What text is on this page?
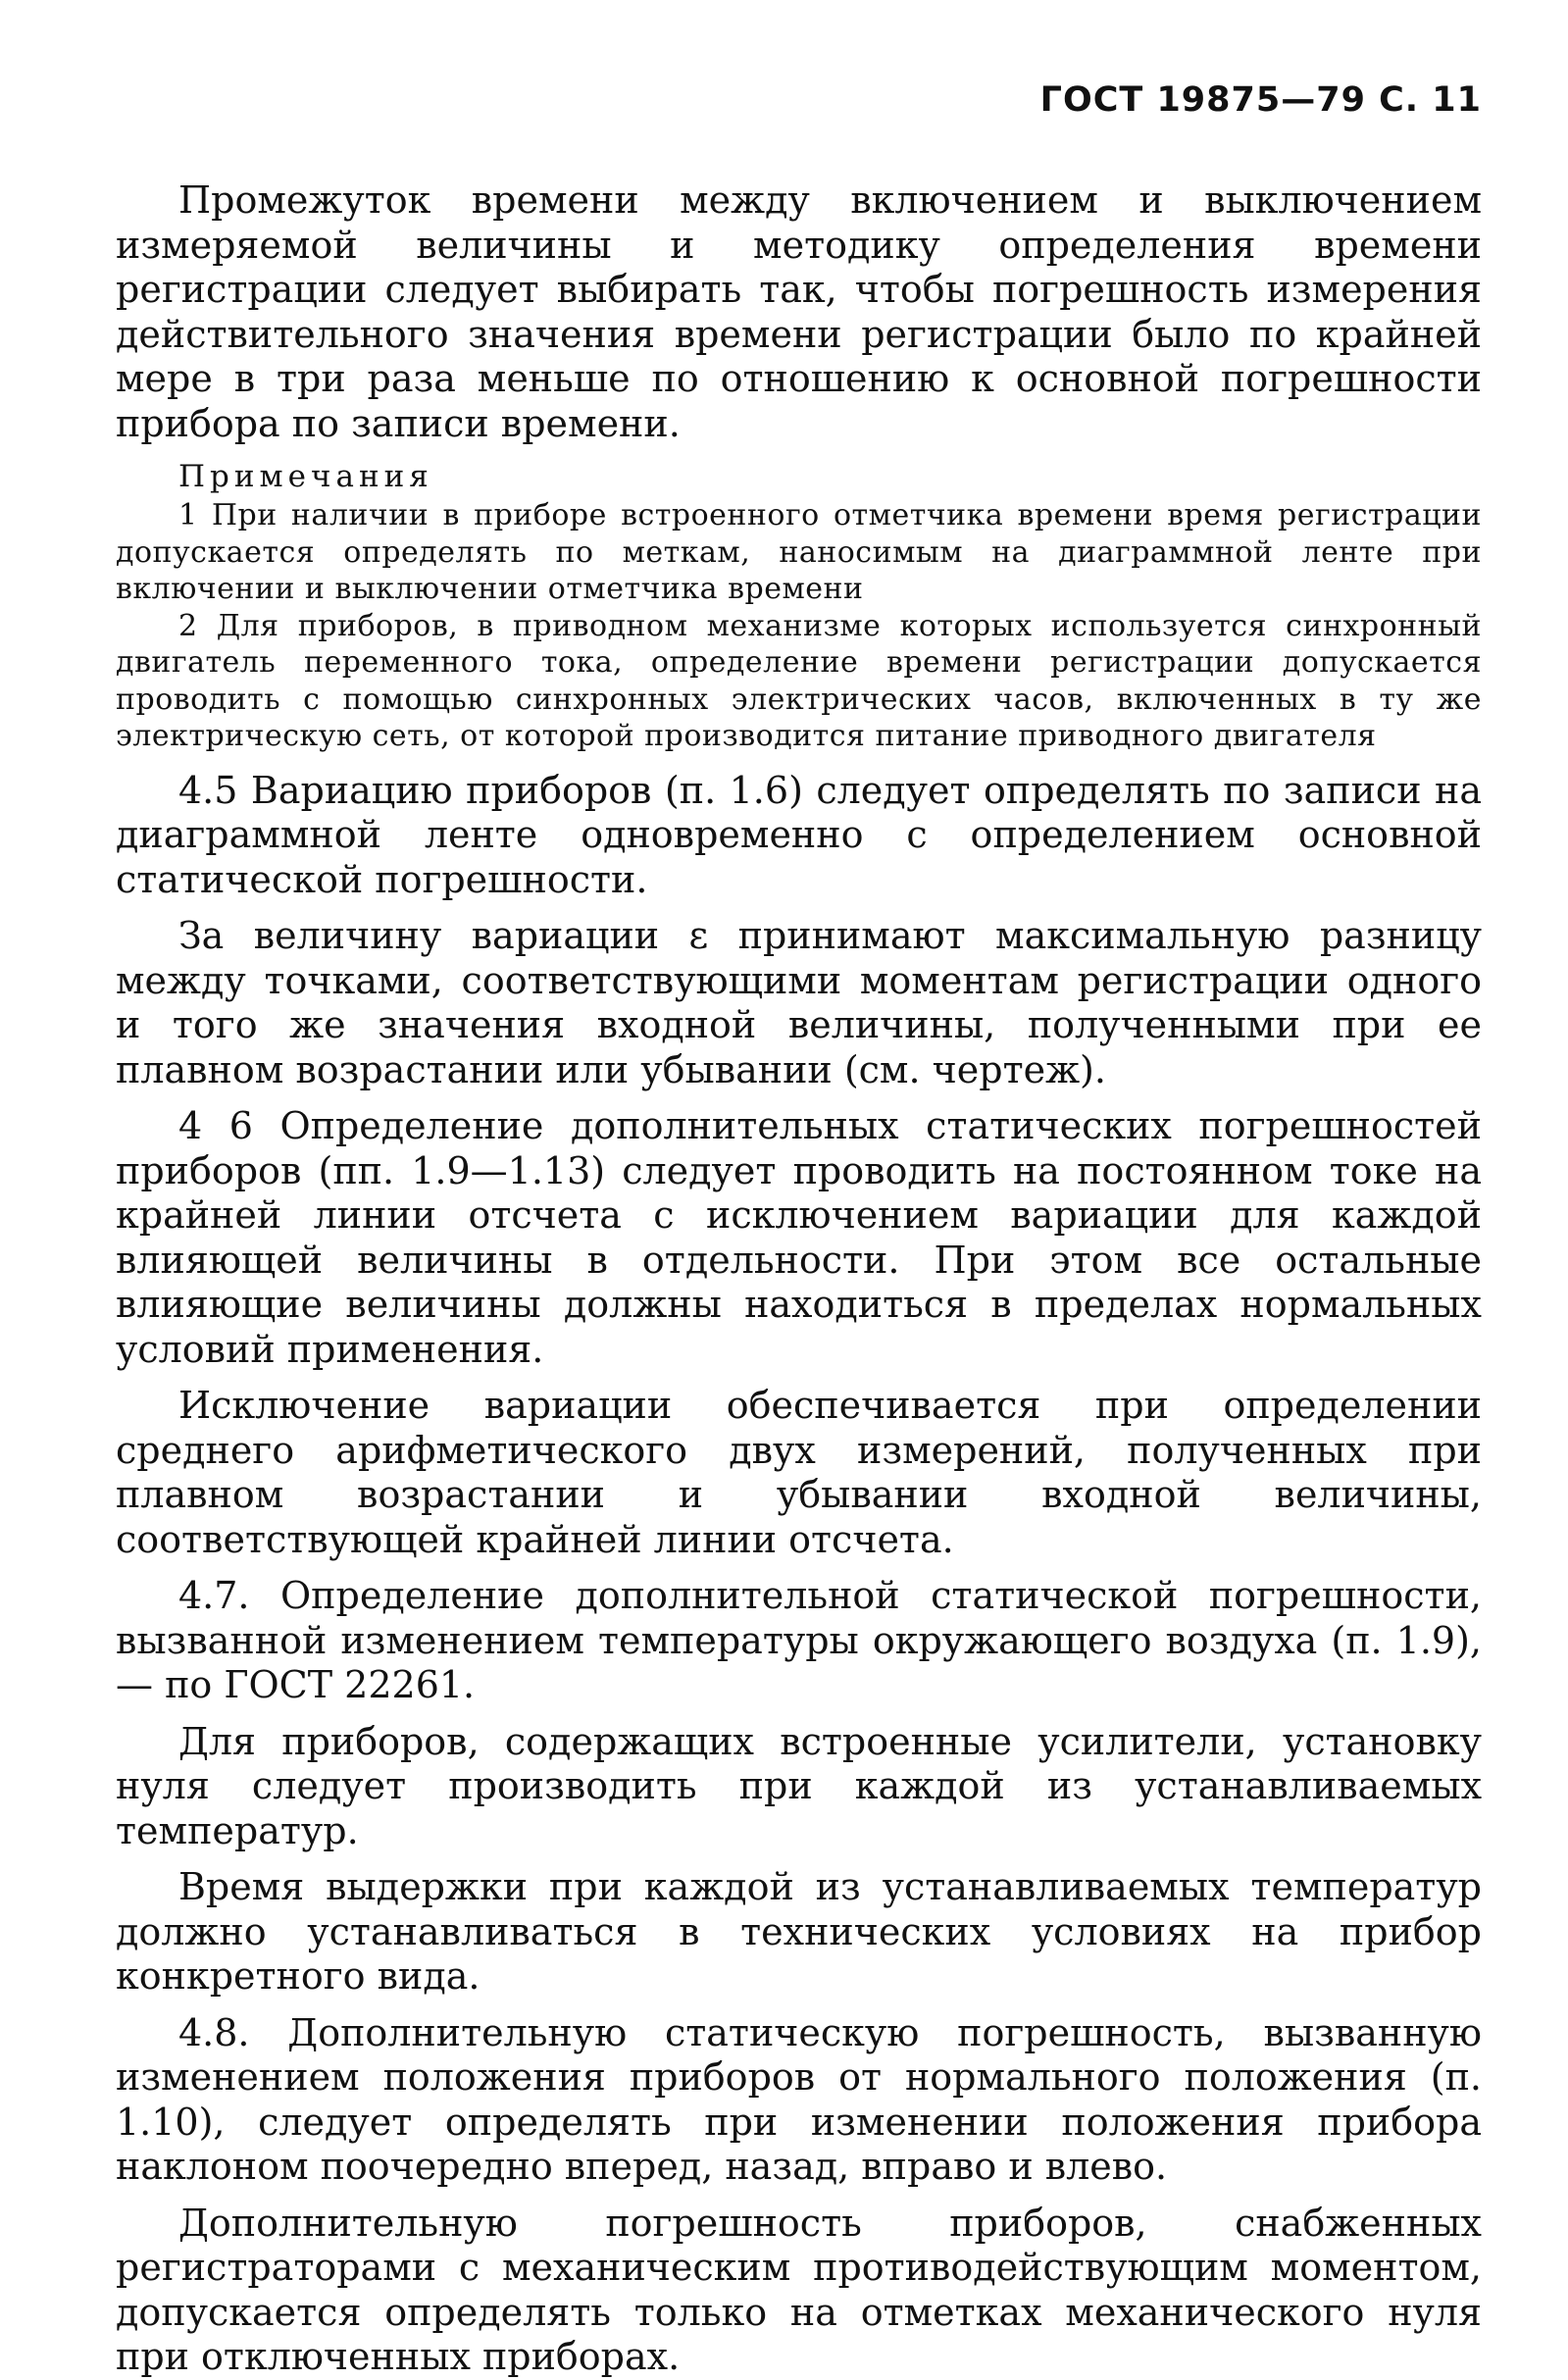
ГОСТ 19875—79 С. 11

Промежуток времени между включением и выключением измеряемой величины и методику определения времени регистрации следует выбирать так, чтобы погрешность измерения действительного значения времени регистрации было по крайней мере в три раза меньше по отношению к основной погрешности прибора по записи времени.

Примечания

1 При наличии в приборе встроенного отметчика времени время регистрации допускается определять по меткам, наносимым на диаграммной ленте при включении и выключении отметчика времени

2 Для приборов, в приводном механизме которых используется синхронный двигатель переменного тока, определение времени регистрации допускается проводить с помощью синхронных электрических часов, включенных в ту же электрическую сеть, от которой производится питание приводного двигателя

4.5 Вариацию приборов (п. 1.6) следует определять по записи на диаграммной ленте одновременно с определением основной статической погрешности.

За величину вариации ε принимают максимальную разницу между точками, соответствующими моментам регистрации одного и того же значения входной величины, полученными при ее плавном возрастании или убывании (см. чертеж).

4 6 Определение дополнительных статических погрешностей приборов (пп. 1.9—1.13) следует проводить на постоянном токе на крайней линии отсчета с исключением вариации для каждой влияющей величины в отдельности. При этом все остальные влияющие величины должны находиться в пределах нормальных условий применения.

Исключение вариации обеспечивается при определении среднего арифметического двух измерений, полученных при плавном возрастании и убывании входной величины, соответствующей крайней линии отсчета.

4.7. Определение дополнительной статической погрешности, вызванной изменением температуры окружающего воздуха (п. 1.9),— по ГОСТ 22261.

Для приборов, содержащих встроенные усилители, установку нуля следует производить при каждой из устанавливаемых температур.

Время выдержки при каждой из устанавливаемых температур должно устанавливаться в технических условиях на прибор конкретного вида.

4.8. Дополнительную статическую погрешность, вызванную изменением положения приборов от нормального положения (п. 1.10), следует определять при изменении положения прибора наклоном поочередно вперед, назад, вправо и влево.

Дополнительную погрешность приборов, снабженных регистраторами с механическим противодействующим моментом, допускается определять только на отметках механического нуля при отключенных приборах.
